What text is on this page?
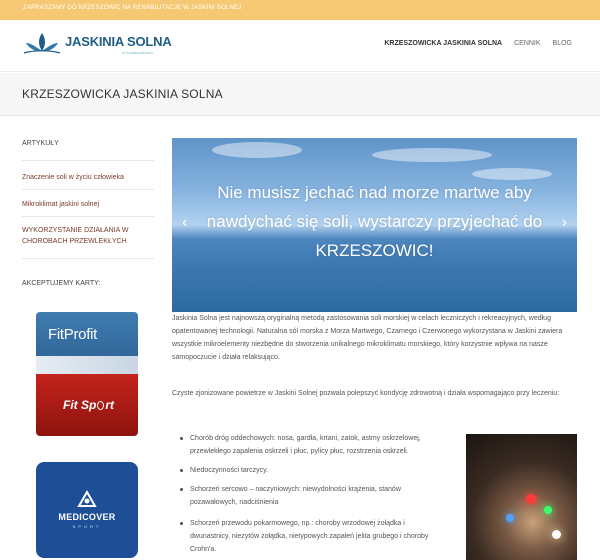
ZAPRASZAMY DO KRZESZOWIC NA REHABILITACJE W JASKINI SOLNEJ
JASKINIA SOLNA
w Krzeszowicach
KRZESZOWICKA JASKINIA SOLNA CENNIK BLOG
KRZESZOWICKA JASKINIA SOLNA
ARTYKUŁY
Znaczenie soli w życiu człowieka
Mikroklimat jaskini solnej
WYKORZYSTANIE DZIAŁANIA W CHOROBACH PRZEWLEKŁYCH
AKCEPTUJEMY KARTY:
FitProfit
Fit Sp rt
MEDICOVER
SPORT
Nie musisz jechać nad morze martwe aby nawdychać się soli, wystarczy przyjechać do KRZESZOWIC!
‹	›

Jaskinia Solna jest najnowszą oryginalną metodą zastosowania soli morskiej w celach leczniczych i rekreacyjnych, według opatentowanej technologii. Naturalna sól morska z Morza Martwego, Czarnego i Czerwonego wykorzystana w Jaskini zawiera wszystkie mikroelementy niezbędne do stworzenia unikalnego mikroklimatu morskiego, który korzystnie wpływa na nasze samopoczucie i działa relaksująco.

Czyste zjonizowane powietrze w Jaskini Solnej pozwala polepszyć kondycję zdrowotną i działa wspomagająco przy leczeniu:

Chorób dróg oddechowych: nosa, gardła, krtani, zatok, astmy oskrzelowej, przewlekłego zapalenia oskrzeli i płuc, pylicy płuc, rozstrzenia oskrzeli.
Niedoczynności tarczycy.
Schorzeń sercowo – naczyniowych: niewydolności krążenia, stanów pozawałowych, nadciśnienia
Schorzeń przewodu pokarmowego, np.: choroby wrzodowej żołądka i dwunastnicy, niezytów żołądka, nietypowych zapaleń jelita grubego i choroby Crohn'a.
